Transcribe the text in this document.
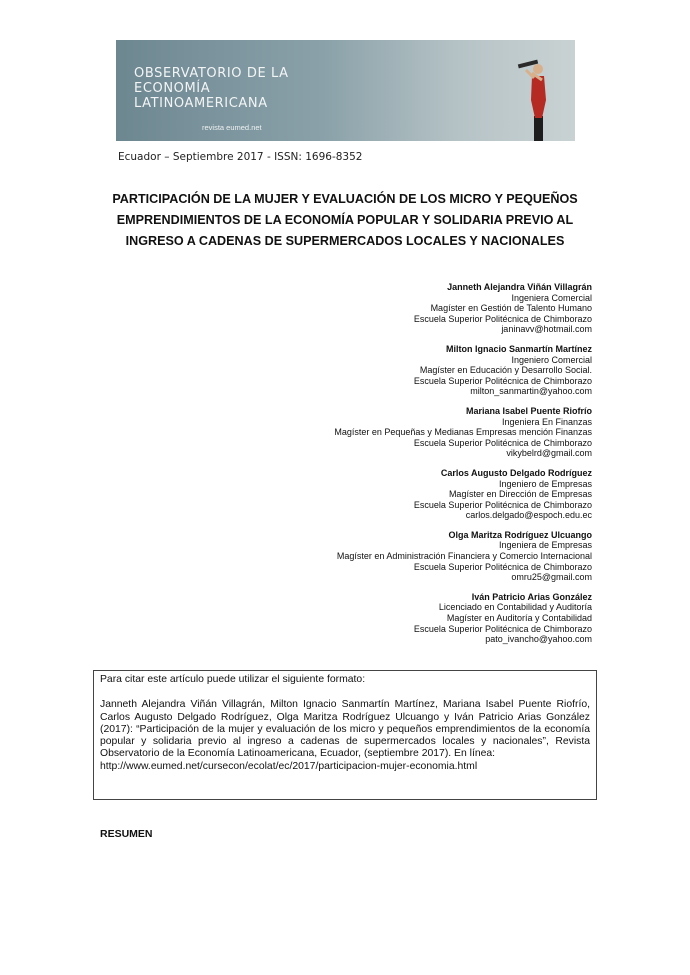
OBSERVATORIO DE LA
ECONOMÍA
LATINOAMERICANA
revista eumed.net
Ecuador – Septiembre 2017 - ISSN: 1696-8352
PARTICIPACIÓN DE LA MUJER Y EVALUACIÓN DE LOS MICRO Y PEQUEÑOS
EMPRENDIMIENTOS DE LA ECONOMÍA POPULAR Y SOLIDARIA PREVIO AL
INGRESO A CADENAS DE SUPERMERCADOS LOCALES Y NACIONALES
Janneth Alejandra Viñán Villagrán
Ingeniera Comercial
Magíster en Gestión de Talento Humano
Escuela Superior Politécnica de Chimborazo
janinavv@hotmail.com
Milton Ignacio Sanmartín Martínez
Ingeniero Comercial
Magíster en Educación y Desarrollo Social.
Escuela Superior Politécnica de Chimborazo
milton_sanmartin@yahoo.com
Mariana Isabel Puente Riofrío
Ingeniera En Finanzas
Magíster en Pequeñas y Medianas Empresas mención Finanzas
Escuela Superior Politécnica de Chimborazo
vikybelrd@gmail.com
Carlos Augusto Delgado Rodríguez
Ingeniero de Empresas
Magíster en Dirección de Empresas
Escuela Superior Politécnica de Chimborazo
carlos.delgado@espoch.edu.ec
Olga Maritza Rodríguez Ulcuango
Ingeniera de Empresas
Magíster en Administración Financiera y Comercio Internacional
Escuela Superior Politécnica de Chimborazo
omru25@gmail.com
Iván Patricio Arias González
Licenciado en Contabilidad y Auditoría
Magíster en Auditoría y Contabilidad
Escuela Superior Politécnica de Chimborazo
pato_ivancho@yahoo.com
Para citar este artículo puede utilizar el siguiente formato:
Janneth Alejandra Viñán Villagrán, Milton Ignacio Sanmartín Martínez, Mariana Isabel Puente Riofrío, Carlos Augusto Delgado Rodríguez, Olga Maritza Rodríguez Ulcuango y Iván Patricio Arias González (2017): “Participación de la mujer y evaluación de los micro y pequeños emprendimientos de la economía popular y solidaria previo al ingreso a cadenas de supermercados locales y nacionales”, Revista Observatorio de la Economía Latinoamericana, Ecuador, (septiembre 2017). En línea:
http://www.eumed.net/cursecon/ecolat/ec/2017/participacion-mujer-economia.html
RESUMEN
